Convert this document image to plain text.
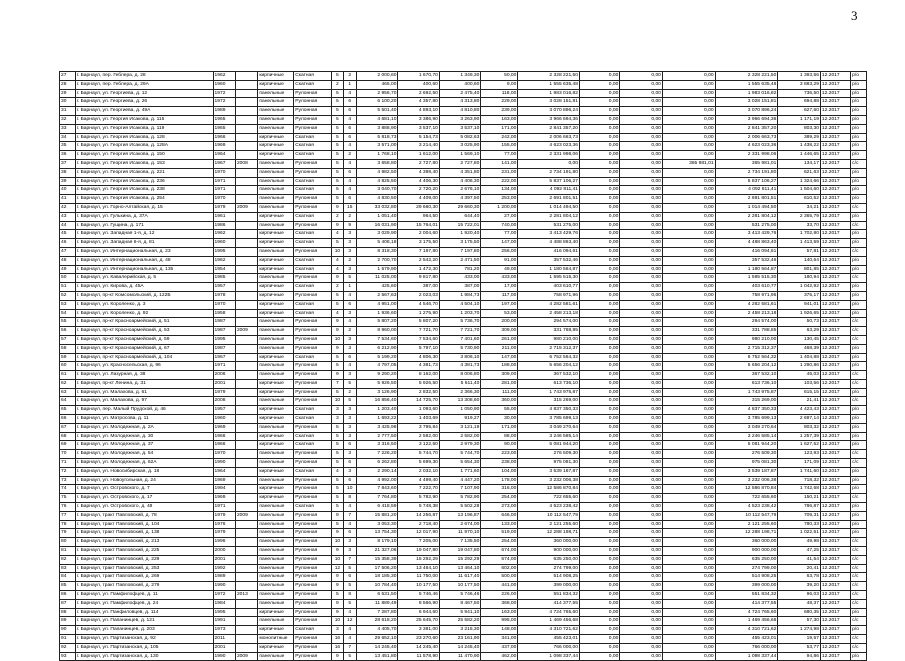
3
27	г. Барнаул, пер. Геблера, д. 28	1962		кирпичные	Скатная	5	2	2 000,60	1 670,70	1 349,30	50,00	2 328 221,50	0,00	0,00	0,00	2 328 221,50	1 393,56	12.2017	р/о
28	г. Барнаул, пер. Геблера, д. 29А	1960		кирпичные	Скатная	2	1	465,00	400,60	400,60	9,00	1 555 635,48	0,00	0,00	0,00	1 555 635,48	3 883,29	12.2017	р/о
29	г. Барнаул, ул. Георгиева, д. 12	1972		панельные	Рулонная	5	4	2 956,70	2 692,50	2 475,40	118,00	1 983 016,82	0,00	0,00	0,00	1 983 016,82	736,50	12.2017	р/о
30	г. Барнаул, ул. Георгиева, д. 26	1972		панельные	Рулонная	5	6	6 100,20	4 357,80	4 313,80	229,00	3 028 151,81	0,00	0,00	0,00	3 028 151,81	694,88	12.2017	р/о
31	г. Барнаул, ул. Георгиева, д. 49А	1989		панельные	Рулонная	5	6	5 501,40	4 893,10	4 810,80	239,00	3 070 896,24	0,00	0,00	0,00	3 070 896,24	627,60	12.2017	р/о
32	г. Барнаул, ул. Георгия Исакова, д. 115	1965		панельные	Рулонная	5	4	4 681,10	3 386,90	3 263,90	163,00	3 966 694,36	0,00	0,00	0,00	3 966 694,36	1 171,19	12.2017	р/о
33	г. Барнаул, ул. Георгия Исакова, д. 119	1965		панельные	Рулонная	5	6	3 888,90	3 537,10	3 537,10	171,00	2 841 357,20	0,00	0,00	0,00	2 841 357,20	803,30	12.2017	р/о
34	г. Барнаул, ул. Георгия Исакова, д. 128	1966		кирпичные	Скатная	5	6	5 818,73	5 154,73	5 082,63	242,00	2 006 663,73	0,00	0,00	0,00	2 006 663,73	389,29	12.2017	р/о
35	г. Барнаул, ул. Георгия Исакова, д. 128А	1969		кирпичные	Скатная	5	4	3 571,00	3 214,40	3 025,90	155,00	4 623 023,36	0,00	0,00	0,00	4 623 023,36	1 438,22	12.2017	р/о
36	г. Барнаул, ул. Георгия Исакова, д. 150	1964		кирпичные	Скатная	5	2	1 768,10	1 612,00	1 569,10	77,00	2 331 998,06	0,00	0,00	0,00	2 331 998,06	1 446,65	12.2017	р/о
37	г. Барнаул, ул. Георгия Исакова, д. 153	1967	2008	панельные	Рулонная	5	4	3 658,80	2 727,80	2 727,80	141,00	0,00	0,00	0,00	365 981,01	365 981,01	134,17	12.2017	с/с
38	г. Барнаул, ул. Георгия Исакова, д. 221	1970		панельные	Рулонная	5	6	4 982,50	4 398,40	4 351,80	231,00	2 734 191,80	0,00	0,00	0,00	2 734 191,80	621,63	12.2017	р/о
39	г. Барнаул, ул. Георгия Исакова, д. 236	1971		панельные	Скатная	5	4	4 825,50	4 406,30	4 406,30	222,00	5 837 106,27	0,00	0,00	0,00	5 837 106,27	1 324,66	12.2017	р/о
40	г. Барнаул, ул. Георгия Исакова, д. 238	1971		панельные	Скатная	5	4	3 040,70	2 720,20	2 676,10	134,00	4 092 811,41	0,00	0,00	0,00	4 092 811,41	1 504,60	12.2017	р/о
41	г. Барнаул, ул. Георгия Исакова, д. 254	1970		панельные	Рулонная	5	6	4 830,50	4 409,00	4 397,50	253,00	2 691 801,51	0,00	0,00	0,00	2 691 801,51	610,52	12.2017	р/о
42	г. Барнаул, ул. Горно-Алтайская, д. 15	1979	2009	панельные	Рулонная	9	15	33 032,80	29 660,30	29 660,30	1 200,00	1 014 494,50	0,00	0,00	0,00	1 014 494,50	34,21	12.2017	с/с
43	г. Барнаул, ул. Гулькина, д. 37А	1961		кирпичные	Скатная	2	2	1 051,40	964,50	644,40	27,00	2 281 804,12	0,00	0,00	0,00	2 281 804,12	2 365,79	12.2017	р/о
44	г. Барнаул, ул. Гущина, д. 171	1986		панельные	Рулонная	9	9	16 031,90	15 764,01	15 722,01	740,00	531 275,00	0,00	0,00	0,00	531 275,00	33,70	12.2017	с/с
45	г. Барнаул, ул. Западная 1-я, д. 12	1962		кирпичные	Скатная	4	3	3 029,90	2 004,60	1 920,40	77,00	3 413 429,76	0,00	0,00	0,00	3 413 429,76	1 702,80	12.2017	р/о
46	г. Барнаул, ул. Западная 6-я, д. 81	1960		кирпичные	Скатная	5	3	5 408,18	3 175,50	3 175,50	147,00	4 488 863,40	0,00	0,00	0,00	4 488 863,40	1 413,59	12.2017	р/о
47	г. Барнаул, ул. Интернациональная, д. 23	1995		панельные	Рулонная	10	3	8 318,30	7 197,80	7 197,80	256,00	416 094,61	0,00	0,00	0,00	416 094,61	57,81	12.2017	с/с
48	г. Барнаул, ул. Интернациональная, д. 48	1962		кирпичные	Скатная	4	2	2 700,70	2 542,20	2 471,50	91,00	357 532,46	0,00	0,00	0,00	357 532,46	140,64	12.2017	р/о
49	г. Барнаул, ул. Интернациональная, д. 135	1954		кирпичные	Скатная	4	3	1 579,90	1 472,30	781,20	49,00	1 180 564,87	0,00	0,00	0,00	1 180 564,87	801,85	12.2017	р/о
50	г. Барнаул, ул. Кавалерийская, д. 5	1985		панельные	Рулонная	9	5	11 025,00	9 817,80	433,00	433,00	1 595 515,30	0,00	0,00	0,00	1 595 515,30	180,94	12.2017	с/с
51	г. Барнаул, ул. Кирова, д. 45А	1957		кирпичные	Скатная	2	1	425,60	387,00	387,00	17,00	403 610,77	0,00	0,00	0,00	403 610,77	1 042,92	12.2017	р/о
52	г. Барнаул, пр-кт Комсомольский, д. 122Б	1978		кирпичные	Рулонная	5	4	2 567,63	2 023,03	1 984,73	117,00	758 971,96	0,00	0,00	0,00	758 971,96	375,17	12.2017	р/о
53	г. Барнаул, ул. Короленко, д. 3	1970		кирпичные	Скатная	5	6	4 951,00	4 546,70	4 504,10	197,00	4 282 581,61	0,00	0,00	0,00	4 282 581,61	941,01	12.2017	р/о
54	г. Барнаул, ул. Короленко, д. 92	1958		кирпичные	Скатная	4	3	1 936,60	1 275,90	1 203,70	53,00	2 458 213,18	0,00	0,00	0,00	2 458 213,18	1 926,65	12.2017	р/о
55	г. Барнаул, пр-кт Красноармейский, д. 51	1987		панельные	Рулонная	9	4	5 807,20	5 807,20	5 736,70	200,00	294 574,00	0,00	0,00	0,00	294 574,00	50,73	12.2017	с/с
56	г. Барнаул, пр-кт Красноармейский, д. 53	1987	2009	панельные	Рулонная	9	2	8 960,00	7 721,70	7 721,70	309,00	331 788,85	0,00	0,00	0,00	331 788,85	63,29	12.2017	с/с
57	г. Барнаул, пр-кт Красноармейский, д. 59	1995		панельные	Рулонная	10	3	7 534,60	7 534,60	7 401,60	261,00	980 210,00	0,00	0,00	0,00	980 210,00	130,45	12.2017	с/с
58	г. Барнаул, пр-кт Красноармейский, д. 67	1987		панельные	Рулонная	9	3	6 212,90	5 797,10	5 730,90	211,00	2 715 312,37	0,00	0,00	0,00	2 715 312,37	468,39	12.2017	р/о
59	г. Барнаул, пр-кт Красноармейский, д. 104	1967		кирпичные	Скатная	5	6	5 199,20	4 806,30	3 806,10	147,00	6 752 564,32	0,00	0,00	0,00	6 752 564,32	1 404,88	12.2017	р/о
60	г. Барнаул, ул. Красносельская, д. 96	1971		панельные	Рулонная	5	4	4 797,05	4 381,73	4 381,73	188,00	5 656 204,12	0,00	0,00	0,00	5 656 204,12	1 290,86	12.2017	р/о
61	г. Барнаул, ул. Лазурная, д. 38	2006		панельные	Рулонная	9	3	9 290,20	8 162,00	8 006,80	309,00	367 532,10	0,00	0,00	0,00	367 532,10	45,03	12.2017	с/с
62	г. Барнаул, пр-кт Ленина, д. 31	2001		кирпичные	Рулонная	7	5	5 926,50	5 926,50	5 611,40	281,00	613 736,10	0,00	0,00	0,00	613 736,10	103,56	12.2017	с/с
63	г. Барнаул, ул. Малахова, д. 61	1979		кирпичные	Рулонная	5	2	3 126,90	2 832,50	2 366,30	111,00	1 743 975,87	0,00	0,00	0,00	1 743 975,87	615,15	12.2017	р/о
64	г. Барнаул, ул. Малахова, д. 97	2008		панельные	Рулонная	10	5	16 856,40	14 725,70	13 308,60	360,00	315 269,00	0,00	0,00	0,00	315 269,00	21,41	12.2017	с/с
65	г. Барнаул, пер. Малый Прудской, д. 46	1957		кирпичные	Скатная	3	3	1 203,40	1 093,60	1 050,90	55,00	4 837 350,33	0,00	0,00	0,00	4 837 350,33	4 423,43	12.2017	р/о
66	г. Барнаул, ул. Матросова, д. 11	1960		кирпичные	Скатная	3	3	1 693,22	1 403,69	919,27	30,00	3 785 699,13	0,00	0,00	0,00	3 785 699,13	2 697,14	12.2017	р/о
67	г. Барнаул, ул. Молодежная, д. 2А	1969		панельные	Рулонная	5	3	3 425,98	3 795,84	3 121,19	171,00	3 049 270,64	0,00	0,00	0,00	3 049 270,64	803,32	12.2017	р/о
68	г. Барнаул, ул. Молодежная, д. 30	1966		кирпичные	Скатная	5	3	2 777,50	2 582,00	2 582,00	88,00	3 246 585,14	0,00	0,00	0,00	3 246 585,14	1 257,39	12.2017	р/о
69	г. Барнаул, ул. Молодежная, д. 37	1966		кирпичные	Скатная	5	6	3 316,50	3 122,50	2 979,30	90,00	5 081 944,20	0,00	0,00	0,00	5 081 944,20	1 627,52	12.2017	р/о
70	г. Барнаул, ул. Молодежная, д. 54	1970		панельные	Рулонная	5	3	7 226,20	5 744,70	5 744,70	223,00	276 509,30	0,00	0,00	0,00	276 509,30	123,93	12.2017	с/с
71	г. Барнаул, ул. Молодежная, д. 62А	1990		панельные	Рулонная	5	6	6 262,80	5 699,30	5 654,30	238,00	975 081,30	0,00	0,00	0,00	975 081,30	171,09	12.2017	с/с
72	г. Барнаул, ул. Новосибирская, д. 18	1964		кирпичные	Скатная	4	3	2 290,14	2 032,10	1 771,60	104,00	3 539 187,87	0,00	0,00	0,00	3 539 187,87	1 741,60	12.2017	р/о
73	г. Барнаул, ул. Новоугольная, д. 24	1969		панельные	Рулонная	5	6	4 992,00	4 499,40	4 447,20	178,00	3 232 006,38	0,00	0,00	0,00	3 232 006,38	718,32	12.2017	р/о
74	г. Барнаул, ул. Островского, д. 7	1994		кирпичные	Рулонная	5	10	7 843,60	7 222,70	7 107,90	316,00	12 586 870,84	0,00	0,00	0,00	12 586 870,84	1 742,68	12.2017	р/о
75	г. Барнаул, ул. Островского, д. 17	1969		кирпичные	Рулонная	5	8	7 764,80	5 782,90	5 782,90	254,00	722 655,60	0,00	0,00	0,00	722 655,60	150,21	12.2017	с/с
76	г. Барнаул, ул. Островского, д. 48	1971		панельные	Скатная	5	4	6 418,59	5 748,38	5 502,28	273,00	4 523 238,42	0,00	0,00	0,00	4 523 238,42	786,87	12.2017	р/о
77	г. Барнаул, тракт Павловский, д. 78	1979	2009	панельные	Рулонная	9	7	15 881,20	14 256,87	13 196,87	646,00	10 112 547,79	0,00	0,00	0,00	10 112 547,79	709,31	12.2017	р/о
78	г. Барнаул, тракт Павловский, д. 104	1976		панельные	Рулонная	5	4	3 053,30	2 718,40	2 674,00	133,00	2 121 255,60	0,00	0,00	0,00	2 121 255,60	780,33	12.2017	р/о
79	г. Барнаул, тракт Павловский, д. 138	1979		панельные	Рулонная	9	6	13 754,30	12 017,90	11 970,10	519,00	12 288 198,71	0,00	0,00	0,00	12 288 198,71	1 022,51	12.2017	р/о
80	г. Барнаул, тракт Павловский, д. 213	1996		панельные	Рулонная	10	3	8 179,10	7 205,00	7 135,50	254,00	360 000,00	0,00	0,00	0,00	360 000,00	49,98	12.2017	с/с
81	г. Барнаул, тракт Павловский, д. 225	2000		панельные	Рулонная	9	3	21 327,06	19 047,80	19 047,80	674,00	900 000,00	0,00	0,00	0,00	900 000,00	47,25	12.2017	с/с
82	г. Барнаул, тракт Павловский, д. 229	2001		панельные	Рулонная	10	7	15 358,39	15 292,29	15 292,29	574,00	635 250,00	0,00	0,00	0,00	635 250,00	41,54	12.2017	с/с
83	г. Барнаул, тракт Павловский, д. 253	1992		панельные	Рулонная	12	5	17 506,20	13 464,10	13 464,10	602,00	274 799,00	0,00	0,00	0,00	274 799,00	20,41	12.2017	с/с
84	г. Барнаул, тракт Павловский, д. 269	1989		панельные	Рулонная	9	6	18 185,30	11 750,00	11 617,40	500,00	514 908,25	0,00	0,00	0,00	514 908,25	63,78	12.2017	с/с
85	г. Барнаул, тракт Павловский, д. 279	1990		панельные	Рулонная	9	5	10 784,40	10 177,50	10 177,50	441,00	399 000,00	0,00	0,00	0,00	399 000,00	39,20	12.2017	с/с
86	г. Барнаул, ул. Памфилофцев, д. 11	1972	2013	панельные	Рулонная	5	8	6 531,50	5 746,46	5 746,46	226,00	551 834,32	0,00	0,00	0,00	551 834,32	96,03	12.2017	с/с
87	г. Барнаул, ул. Памфилофцев, д. 24	1984		панельные	Рулонная	9	5	11 889,49	8 566,90	8 467,50	368,00	414 377,55	0,00	0,00	0,00	414 377,55	48,37	12.2017	с/с
88	г. Барнаул, ул. Панфиловцев, д. 114	1995		кирпичные	Рулонная	9	4	7 287,80	6 944,60	5 941,10	163,00	4 724 765,60	0,00	0,00	0,00	4 724 765,60	680,35	12.2017	р/о
89	г. Барнаул, ул. Папанинцев, д. 121	1991		панельные	Рулонная	10	12	28 618,20	25 645,70	25 582,20	995,00	1 469 456,68	0,00	0,00	0,00	1 469 456,68	57,30	12.2017	с/с
90	г. Барнаул, ул. Папанинцев, д. 203	1973		кирпичные	Скатная	3	4	4 405,70	3 381,00	3 215,30	148,00	4 310 721,62	0,00	0,00	0,00	4 310 721,62	1 274,98	12.2017	р/о
91	г. Барнаул, ул. Партизанская, д. 92	2011		монолитные	Рулонная	16	4	29 652,10	23 270,60	23 161,90	341,00	455 423,01	0,00	0,00	0,00	455 423,01	19,57	12.2017	с/с
92	г. Барнаул, ул. Партизанская, д. 105	2001		кирпичные	Рулонная	16	7	14 245,40	14 245,40	14 245,40	437,00	766 000,00	0,00	0,00	0,00	766 000,00	53,77	12.2017	с/с
93	г. Барнаул, ул. Партизанская, д. 130	1990	2009	панельные	Рулонная	9	5	13 451,80	11 578,90	11 470,90	462,00	1 098 337,44	0,00	0,00	0,00	1 098 337,44	94,86	12.2017	р/о
